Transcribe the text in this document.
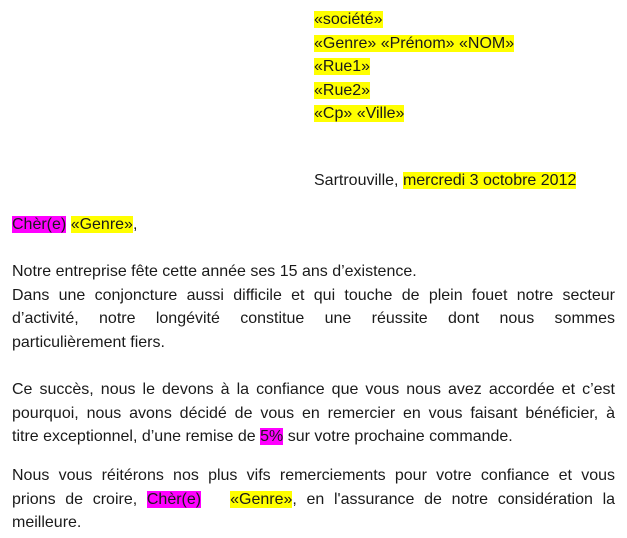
«société»
«Genre» «Prénom» «NOM»
«Rue1»
«Rue2»
«Cp» «Ville»
Sartrouville, mercredi 3 octobre 2012
Chèr(e) «Genre»,
Notre entreprise fête cette année ses 15 ans d’existence.
Dans une conjoncture aussi difficile et qui touche de plein fouet notre secteur
d’activité, notre longévité constitue une réussite dont nous sommes
particulièrement fiers.
Ce succès, nous le devons à la confiance que vous nous avez accordée et c’est
pourquoi, nous avons décidé de vous en remercier en vous faisant bénéficier, à
titre exceptionnel, d’une remise de 5% sur votre prochaine commande.
Nous vous réitérons nos plus vifs remerciements pour votre confiance et vous
prions de croire, Chèr(e) «Genre», en l'assurance de notre considération la
meilleure.
